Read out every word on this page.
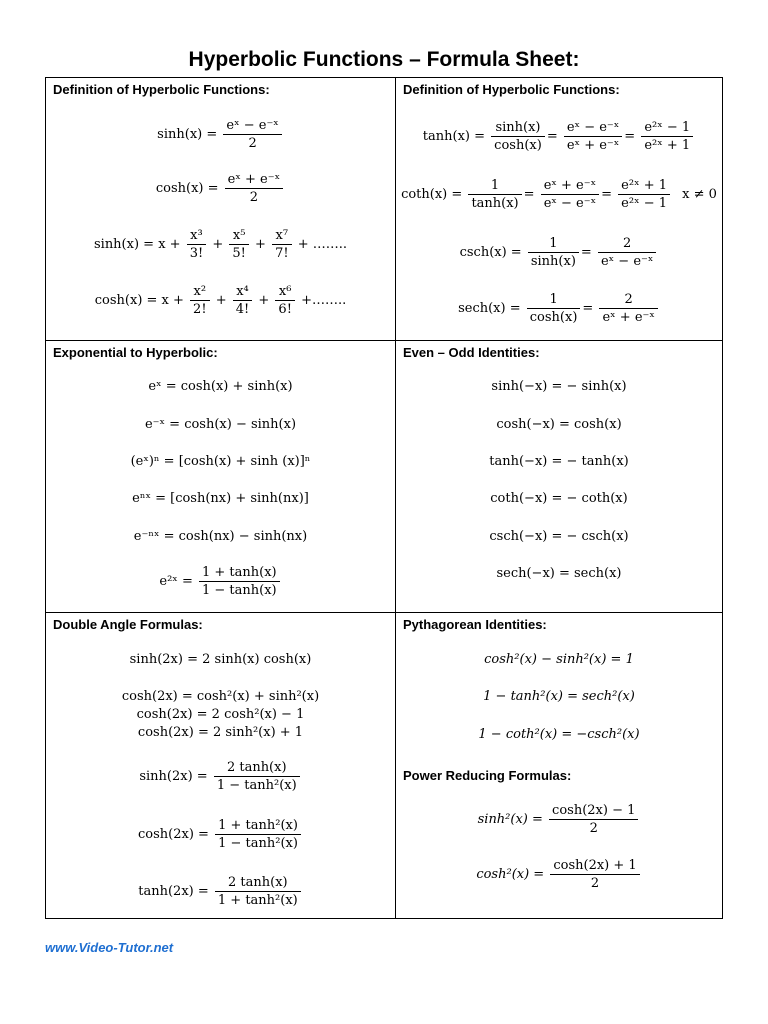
Hyperbolic Functions – Formula Sheet:
Definition of Hyperbolic Functions:
$\sinh(x) = \frac{\text{eˣ − e⁻ˣ}}{2}$
$\cosh(x) = \frac{\text{eˣ + e⁻ˣ}}{2}$
$\sinh(x) = x + \frac{\text{x³}}{3!} + \frac{\text{x⁵}}{5!} + \frac{\text{x⁷}}{7!}$ + ……..
$\cosh(x) = x + \frac{\text{x²}}{2!} + \frac{\text{x⁴}}{4!} + \frac{\text{x⁶}}{6!}$ +……..
Definition of Hyperbolic Functions:
$\tanh(x) = \frac{\sinh(x)}{\cosh(x)} = \frac{\text{eˣ − e⁻ˣ}}{\text{eˣ + e⁻ˣ}} = \frac{\text{e²ˣ − 1}}{\text{e²ˣ + 1}}$
$\cot h(x) = \frac{1}{\tanh(x)} = \frac{\text{eˣ + e⁻ˣ}}{\text{eˣ − e⁻ˣ}} = \frac{\text{e²ˣ + 1}}{\text{e²ˣ − 1}}$ x ≠ 0
$\csc h(x) = \frac{1}{\sinh(x)} = \frac{2}{\text{eˣ − e⁻ˣ}}$
$\sec h(x) = \frac{1}{\cosh(x)} = \frac{2}{\text{eˣ + e⁻ˣ}}$
Exponential to Hyperbolic:
eˣ = cosh(x) + sinh(x)
e⁻ˣ = cosh(x) − sinh(x)
(eˣ)ⁿ = [cosh(x) + sinh (x)]ⁿ
eⁿˣ = [cosh(nx) + sinh(nx)]
e⁻ⁿˣ = cosh(nx) − sinh(nx)
e²ˣ = $\frac{1 + \tanh(x)}{1 - \tanh(x)}$
Even – Odd Identities:
sinh(−x) = − sinh(x)
cosh(−x) = cosh(x)
tanh(−x) = − tanh(x)
coth(−x) = − coth(x)
csch(−x) = − csch(x)
sech(−x) = sech(x)
Double Angle Formulas:
sinh(2x) = 2 sinh(x) cosh(x)
cosh(2x) = cosh²(x) + sinh²(x)
cosh(2x) = 2 cosh²(x) − 1
cosh(2x) = 2 sinh²(x) + 1
$\sinh(2x) = \frac{2 \tanh(x)}{\text{1 − tanh²(x)}}$
$\cosh(2x) = \frac{\text{1 + tanh²(x)}}{\text{1 − tanh²(x)}}$
$\tanh(2x) = \frac{2 \tanh(x)}{\text{1 + tanh²(x)}}$
Pythagorean Identities:
cosh²(x) − sinh²(x) = 1
1 − tanh²(x) = sech²(x)
1 − coth²(x) = −csch²(x)
Power Reducing Formulas:
$\sinh^2(x) = \frac{\cosh(2x) - 1}{2}$
$\cosh^2(x) = \frac{\cosh(2x) + 1}{2}$
www.Video-Tutor.net
